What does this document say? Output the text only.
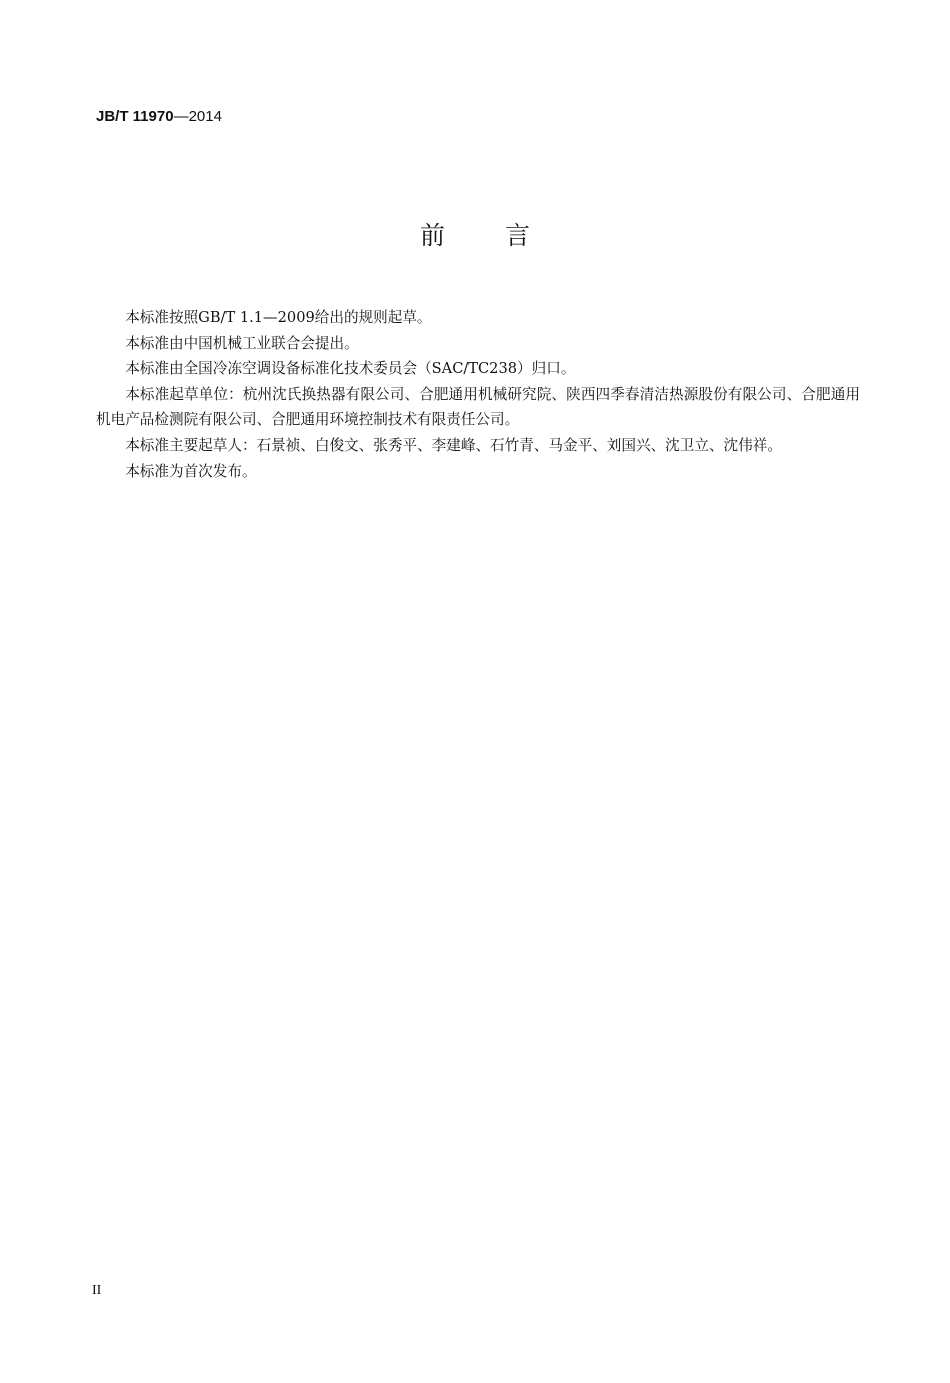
JB/T 11970—2014
前言

本标准按照GB/T 1.1—2009给出的规则起草。

本标准由中国机械工业联合会提出。

本标准由全国冷冻空调设备标准化技术委员会（SAC/TC238）归口。

本标准起草单位：杭州沈氏换热器有限公司、合肥通用机械研究院、陕西四季春清洁热源股份有限公司、合肥通用机电产品检测院有限公司、合肥通用环境控制技术有限责任公司。

本标准主要起草人：石景祯、白俊文、张秀平、李建峰、石竹青、马金平、刘国兴、沈卫立、沈伟祥。

本标准为首次发布。

II
